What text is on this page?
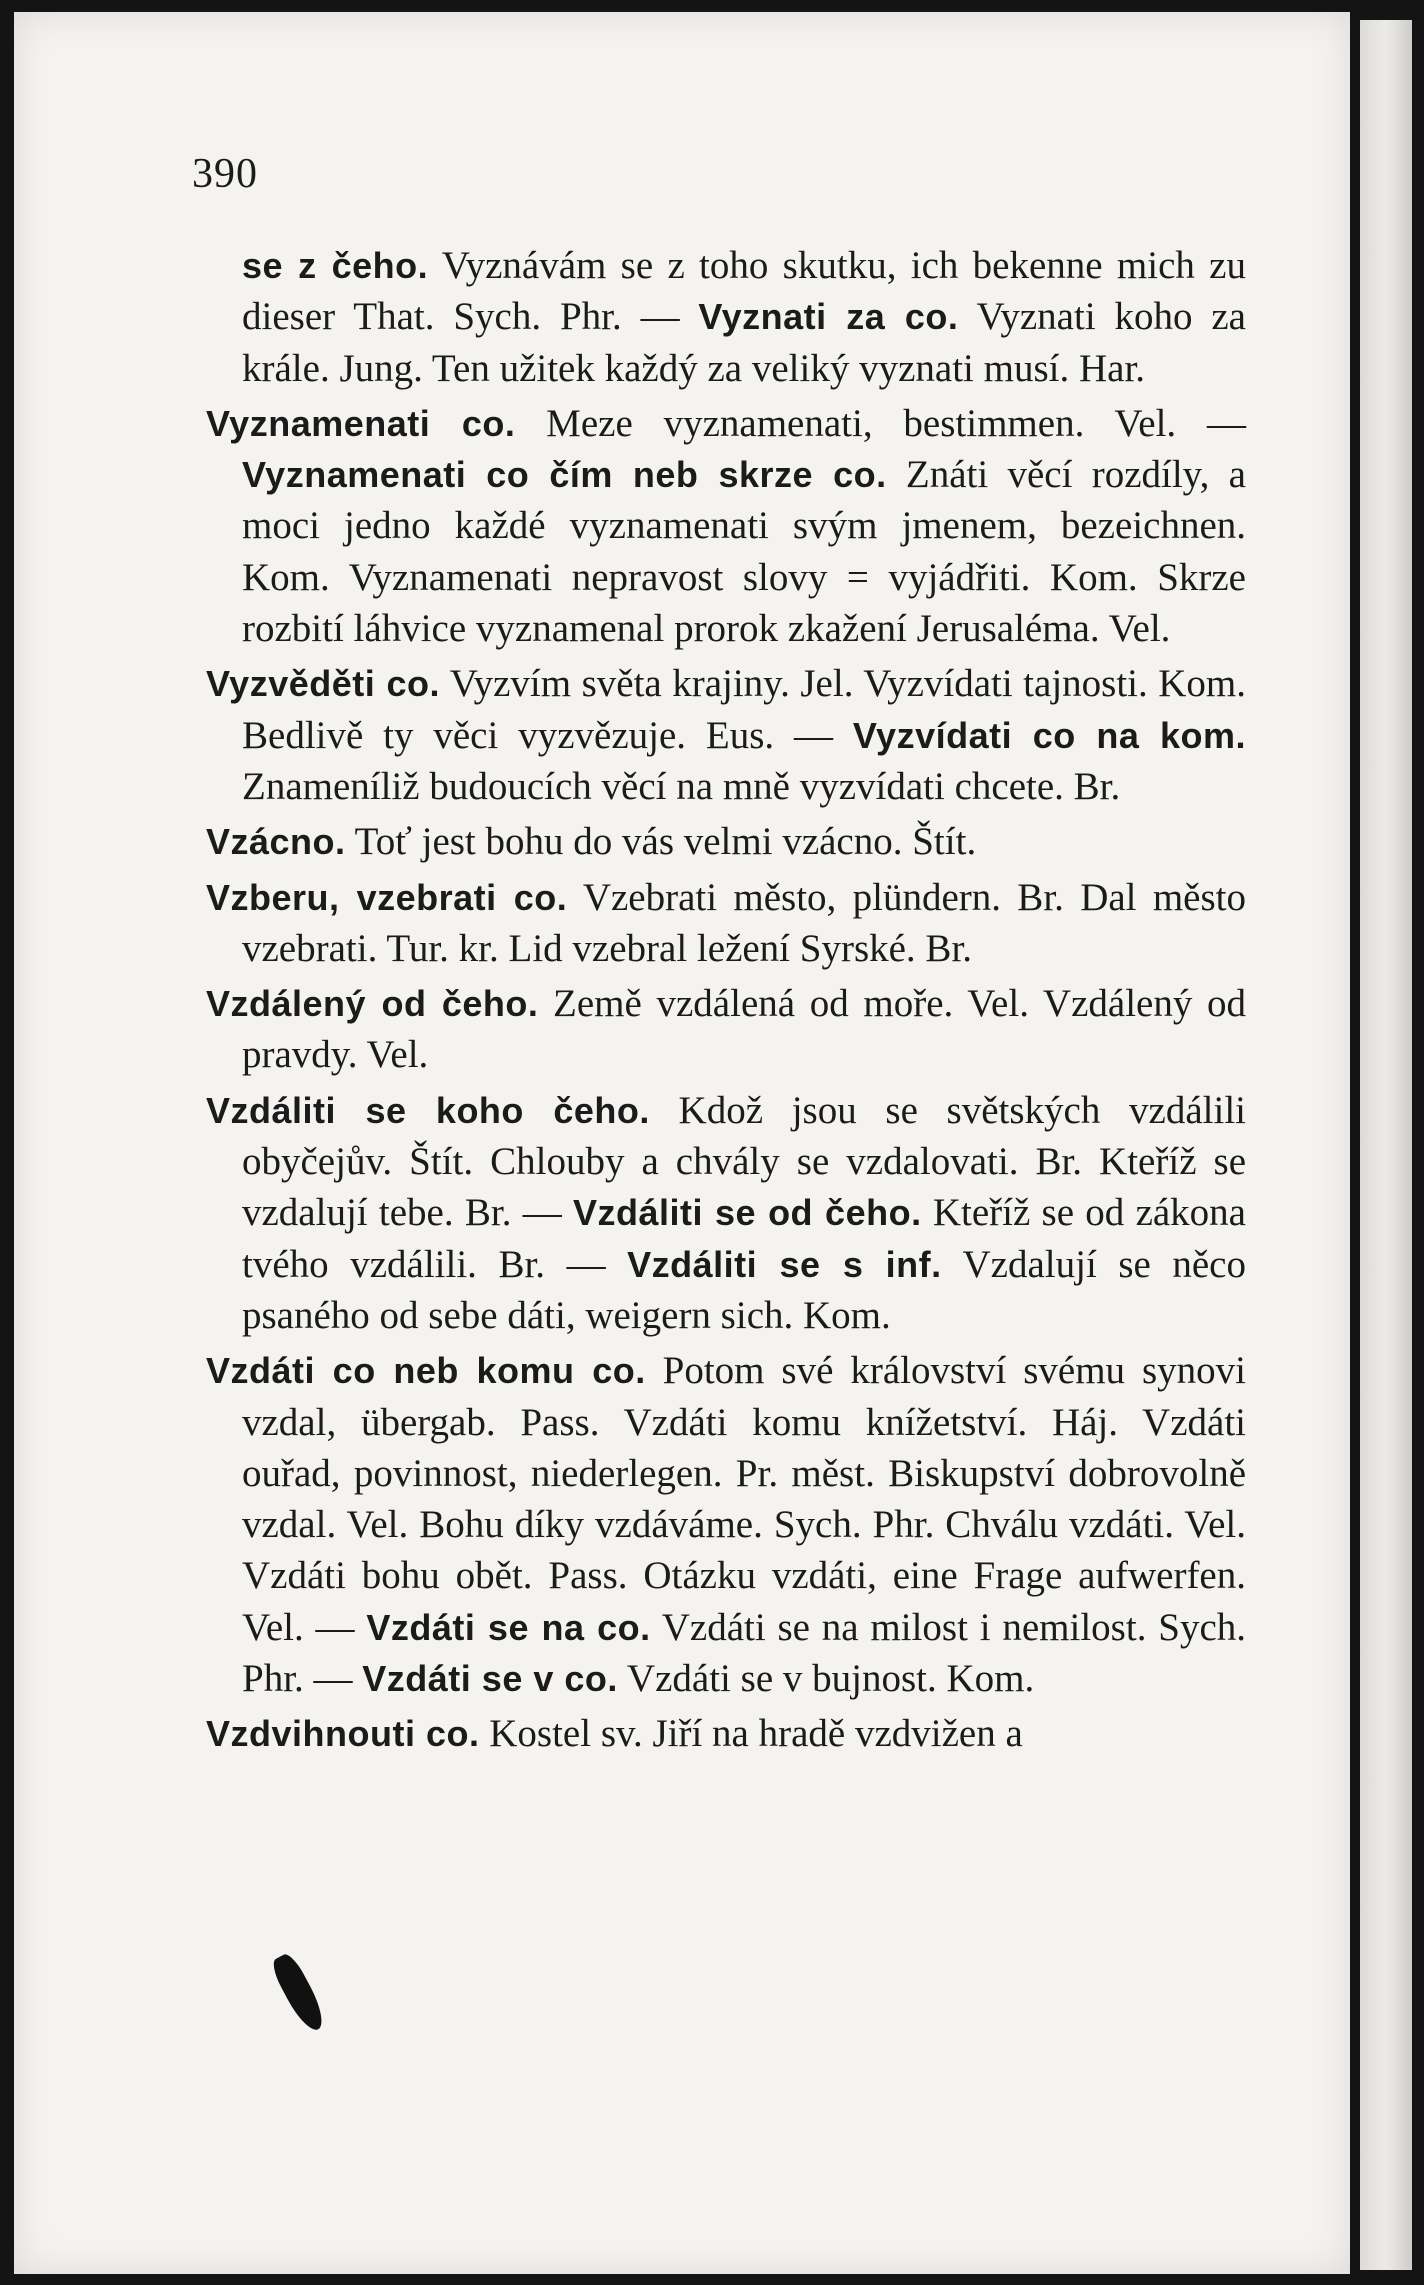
390

se z čeho. Vyznávám se z toho skutku, ich bekenne mich zu dieser That. Sych. Phr. — Vyznati za co. Vyznati koho za krále. Jung. Ten užitek každý za veliký vyznati musí. Har.

Vyznamenati co. Meze vyznamenati, bestimmen. Vel. — Vyznamenati co čím neb skrze co. Znáti věcí rozdíly, a moci jedno každé vyznamenati svým jmenem, bezeichnen. Kom. Vyznamenati nepravost slovy = vyjádřiti. Kom. Skrze rozbití láhvice vyznamenal prorok zkažení Jerusaléma. Vel.

Vyzvěděti co. Vyzvím světa krajiny. Jel. Vyzvídati tajnosti. Kom. Bedlivě ty věci vyzvězuje. Eus. — Vyzvídati co na kom. Znameníliž budoucích věcí na mně vyzvídati chcete. Br.

Vzácno. Toť jest bohu do vás velmi vzácno. Štít.

Vzberu, vzebrati co. Vzebrati město, plündern. Br. Dal město vzebrati. Tur. kr. Lid vzebral ležení Syrské. Br.

Vzdálený od čeho. Země vzdálená od moře. Vel. Vzdálený od pravdy. Vel.

Vzdáliti se koho čeho. Kdož jsou se světských vzdálili obyčejův. Štít. Chlouby a chvály se vzdalovati. Br. Kteříž se vzdalují tebe. Br. — Vzdáliti se od čeho. Kteříž se od zákona tvého vzdálili. Br. — Vzdáliti se s inf. Vzdalují se něco psaného od sebe dáti, weigern sich. Kom.

Vzdáti co neb komu co. Potom své království svému synovi vzdal, übergab. Pass. Vzdáti komu knížetství. Háj. Vzdáti ouřad, povinnost, niederlegen. Pr. měst. Biskupství dobrovolně vzdal. Vel. Bohu díky vzdáváme. Sych. Phr. Chválu vzdáti. Vel. Vzdáti bohu obět. Pass. Otázku vzdáti, eine Frage aufwerfen. Vel. — Vzdáti se na co. Vzdáti se na milost i nemilost. Sych. Phr. — Vzdáti se v co. Vzdáti se v bujnost. Kom.

Vzdvihnouti co. Kostel sv. Jiří na hradě vzdvižen a
